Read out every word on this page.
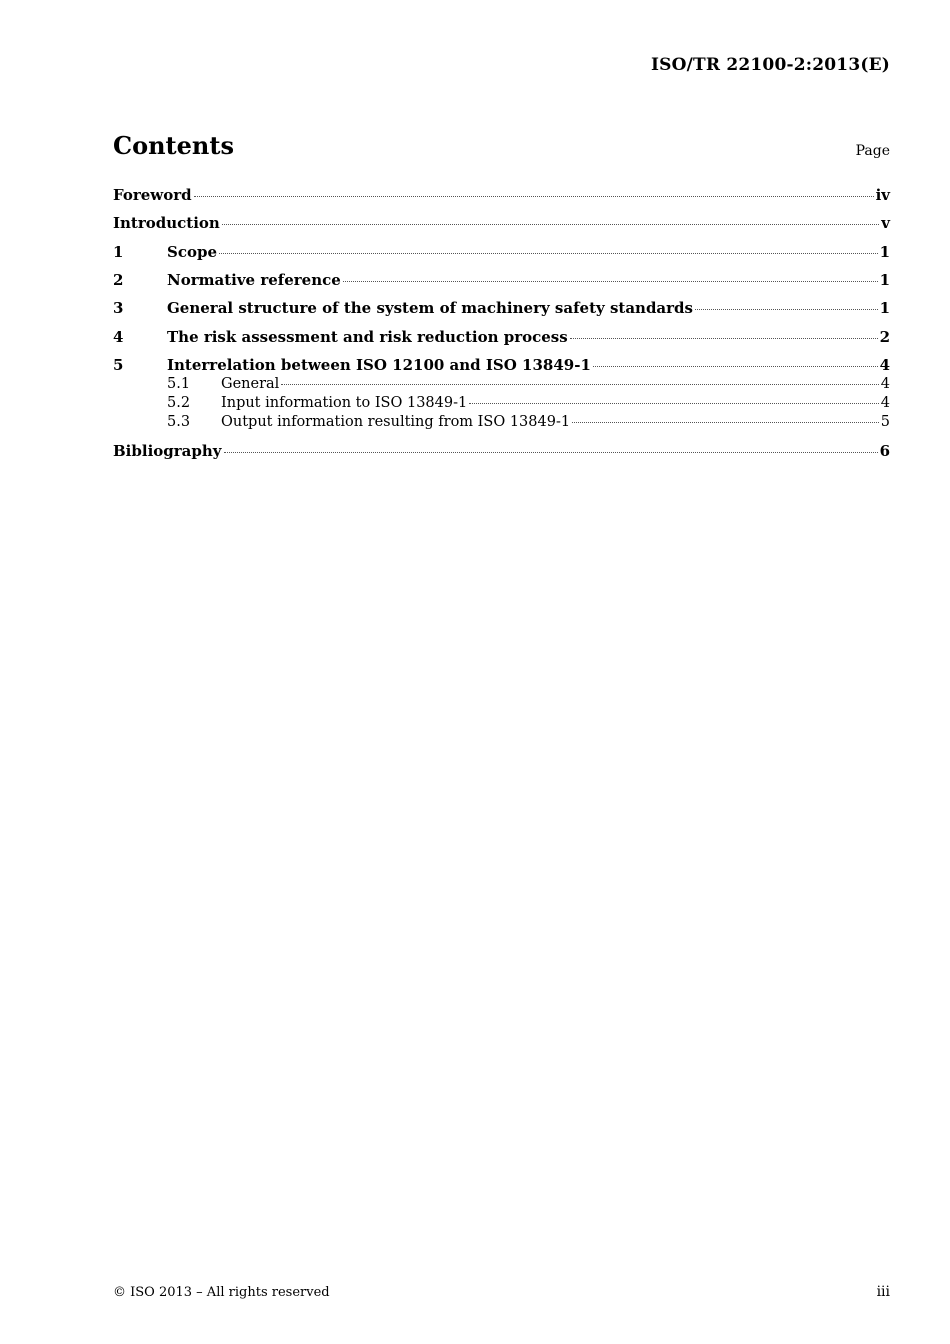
ISO/TR 22100-2:2013(E)
Contents	Page
Foreword	iv
Introduction	v
1	Scope	1
2	Normative reference	1
3	General structure of the system of machinery safety standards	1
4	The risk assessment and risk reduction process	2
5	Interrelation between ISO 12100 and ISO 13849-1	4
5.1	General	4
5.2	Input information to ISO 13849-1	4
5.3	Output information resulting from ISO 13849-1	5
Bibliography	6
© ISO 2013 – All rights reserved	iii
